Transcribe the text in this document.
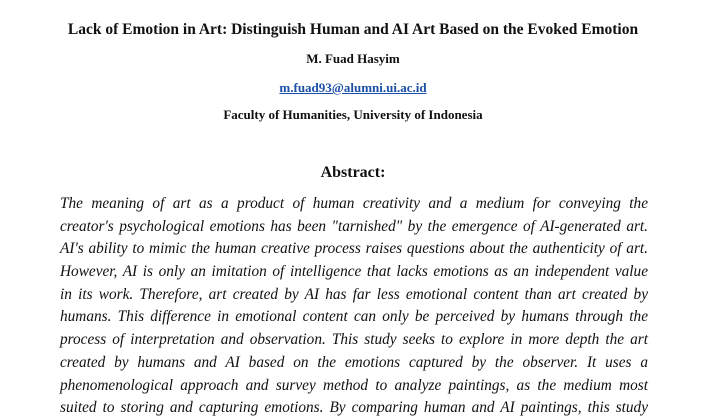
Lack of Emotion in Art: Distinguish Human and AI Art Based on the Evoked Emotion
M. Fuad Hasyim
m.fuad93@alumni.ui.ac.id
Faculty of Humanities, University of Indonesia
Abstract:
The meaning of art as a product of human creativity and a medium for conveying the
creator's psychological emotions has been "tarnished" by the emergence of AI-generated art.
AI's ability to mimic the human creative process raises questions about the authenticity of art.
However, AI is only an imitation of intelligence that lacks emotions as an independent value
in its work. Therefore, art created by AI has far less emotional content than art created by
humans. This difference in emotional content can only be perceived by humans through the
process of interpretation and observation. This study seeks to explore in more depth the art
created by humans and AI based on the emotions captured by the observer. It uses a
phenomenological approach and survey method to analyze paintings, as the medium most
suited to storing and capturing emotions. By comparing human and AI paintings, this study
